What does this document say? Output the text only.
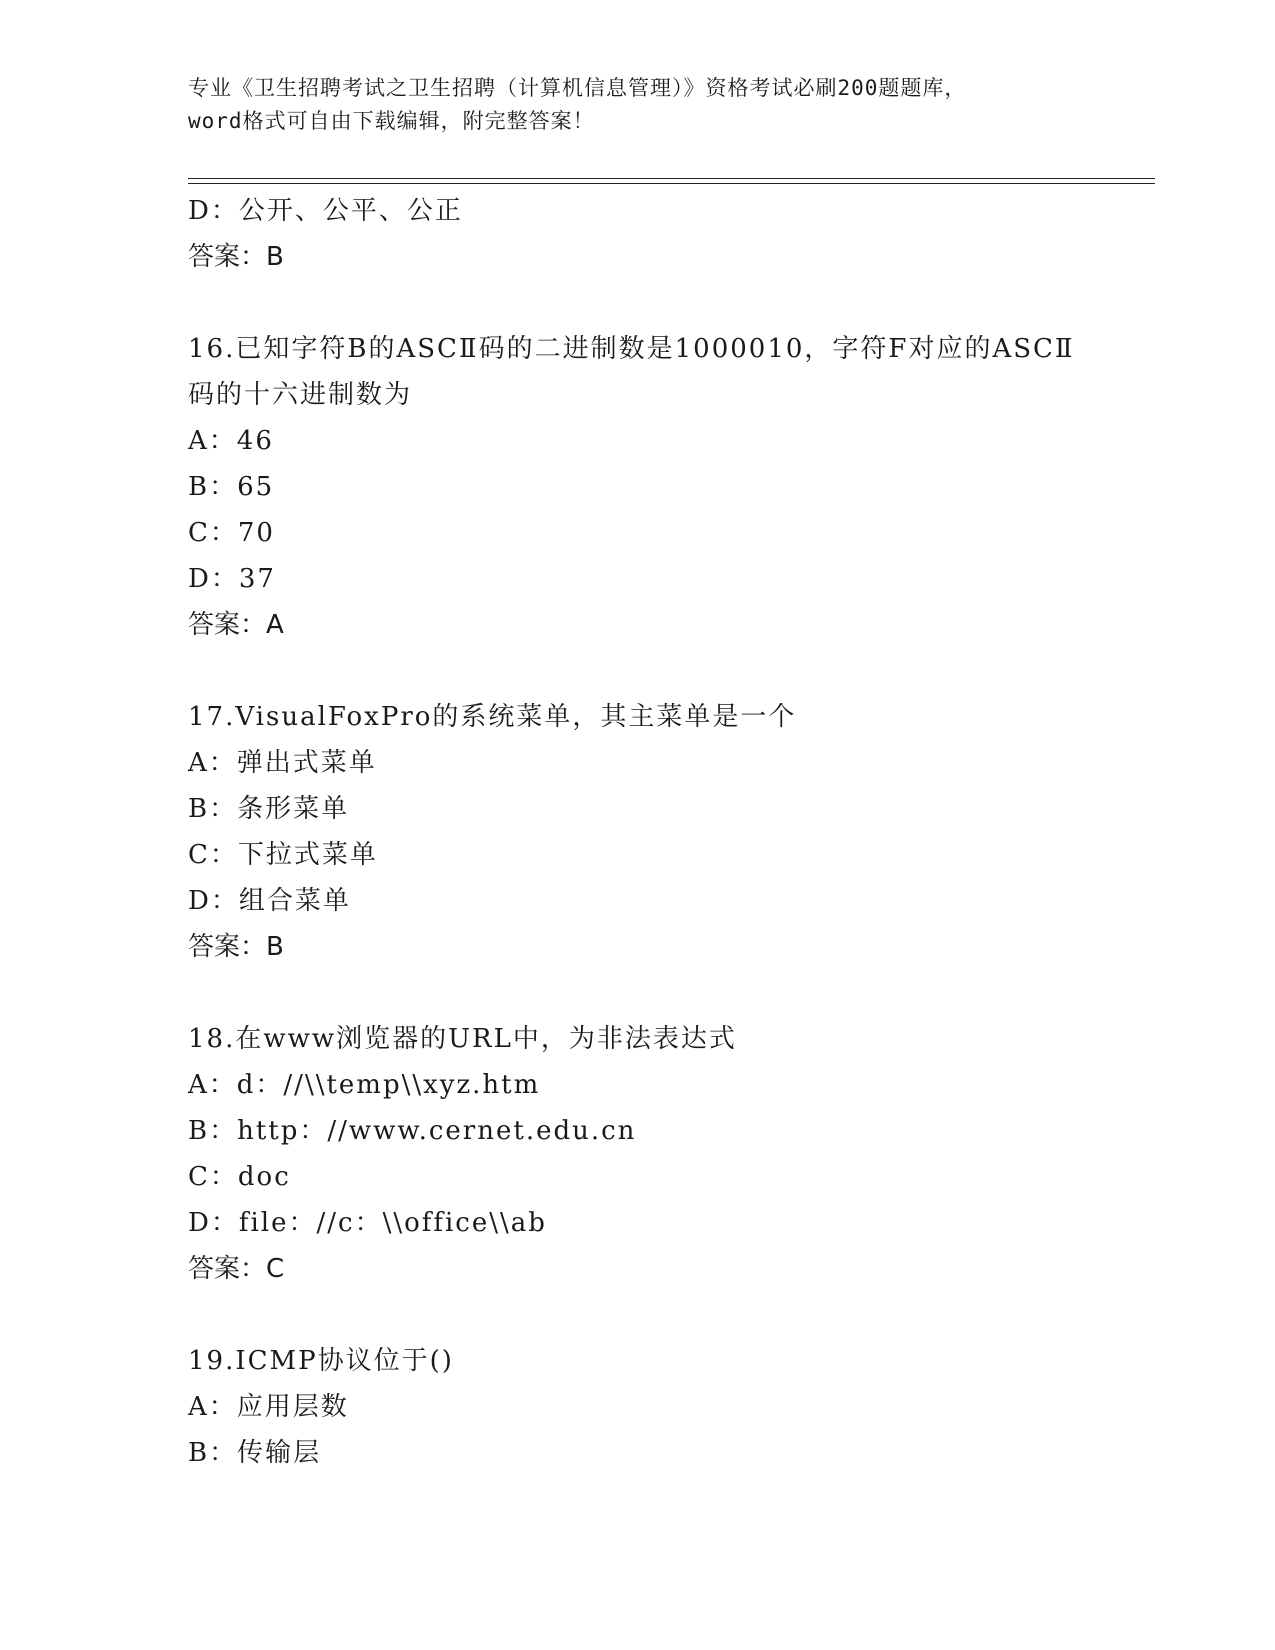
专业《卫生招聘考试之卫生招聘（计算机信息管理）》资格考试必刷200题题库，
word格式可自由下载编辑，附完整答案！
D：公开、公平、公正
答案：B
16.已知字符B的ASCⅡ码的二进制数是1000010，字符F对应的ASCⅡ
码的十六进制数为
A：46
B：65
C：70
D：37
答案：A
17.VisualFoxPro的系统菜单，其主菜单是一个
A：弹出式菜单
B：条形菜单
C：下拉式菜单
D：组合菜单
答案：B
18.在www浏览器的URL中，为非法表达式
A：d：//\\temp\\xyz.htm
B：http：//www.cernet.edu.cn
C：doc
D：file：//c：\\office\\ab
答案：C
19.ICMP协议位于()
A：应用层数
B：传输层
